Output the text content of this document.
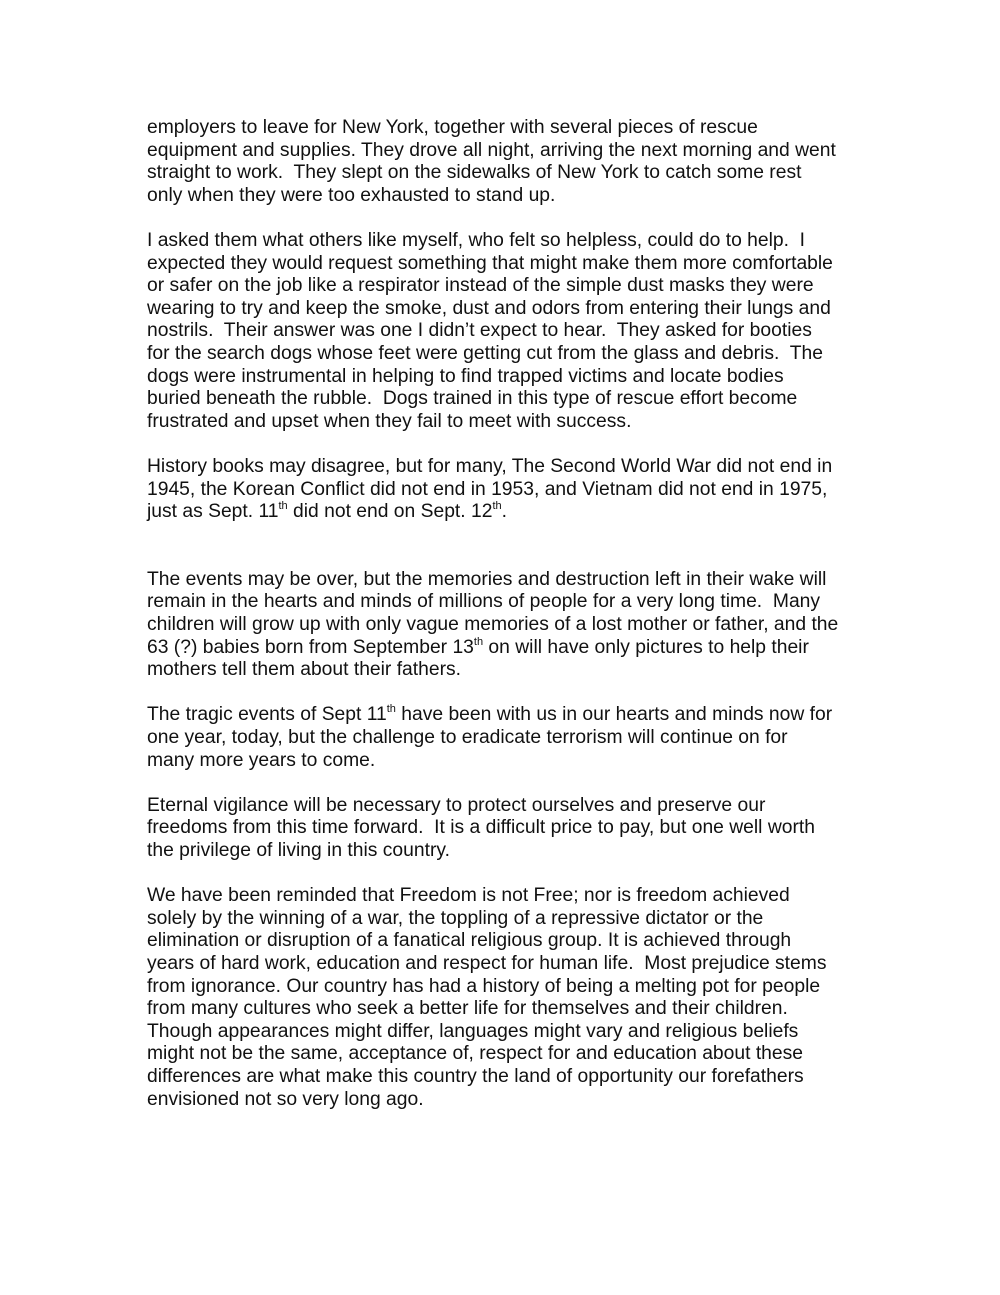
employers to leave for New York, together with several pieces of rescue
equipment and supplies. They drove all night, arriving the next morning and went
straight to work.  They slept on the sidewalks of New York to catch some rest
only when they were too exhausted to stand up.
I asked them what others like myself, who felt so helpless, could do to help.  I
expected they would request something that might make them more comfortable
or safer on the job like a respirator instead of the simple dust masks they were
wearing to try and keep the smoke, dust and odors from entering their lungs and
nostrils.  Their answer was one I didn’t expect to hear.  They asked for booties
for the search dogs whose feet were getting cut from the glass and debris.  The
dogs were instrumental in helping to find trapped victims and locate bodies
buried beneath the rubble.  Dogs trained in this type of rescue effort become
frustrated and upset when they fail to meet with success.
History books may disagree, but for many, The Second World War did not end in
1945, the Korean Conflict did not end in 1953, and Vietnam did not end in 1975,
just as Sept. 11th did not end on Sept. 12th.
The events may be over, but the memories and destruction left in their wake will
remain in the hearts and minds of millions of people for a very long time.  Many
children will grow up with only vague memories of a lost mother or father, and the
63 (?) babies born from September 13th on will have only pictures to help their
mothers tell them about their fathers.
The tragic events of Sept 11th have been with us in our hearts and minds now for
one year, today, but the challenge to eradicate terrorism will continue on for
many more years to come.
Eternal vigilance will be necessary to protect ourselves and preserve our
freedoms from this time forward.  It is a difficult price to pay, but one well worth
the privilege of living in this country.
We have been reminded that Freedom is not Free; nor is freedom achieved
solely by the winning of a war, the toppling of a repressive dictator or the
elimination or disruption of a fanatical religious group. It is achieved through
years of hard work, education and respect for human life.  Most prejudice stems
from ignorance. Our country has had a history of being a melting pot for people
from many cultures who seek a better life for themselves and their children.
Though appearances might differ, languages might vary and religious beliefs
might not be the same, acceptance of, respect for and education about these
differences are what make this country the land of opportunity our forefathers
envisioned not so very long ago.
